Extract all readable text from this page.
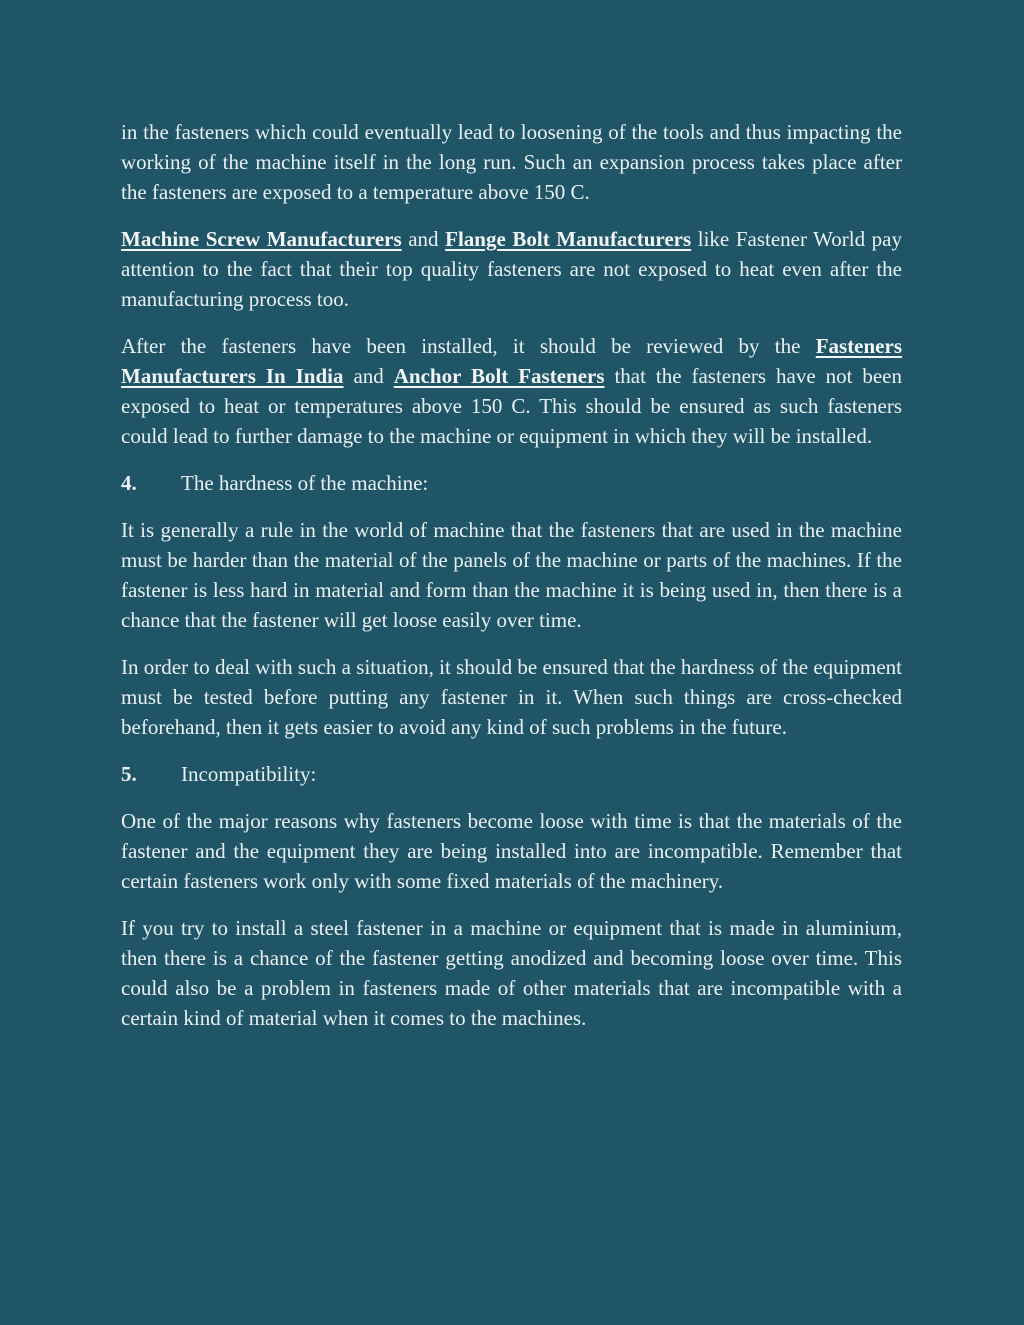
in the fasteners which could eventually lead to loosening of the tools and thus impacting the working of the machine itself in the long run. Such an expansion process takes place after the fasteners are exposed to a temperature above 150 C.

Machine Screw Manufacturers and Flange Bolt Manufacturers like Fastener World pay attention to the fact that their top quality fasteners are not exposed to heat even after the manufacturing process too.

After the fasteners have been installed, it should be reviewed by the Fasteners Manufacturers In India and Anchor Bolt Fasteners that the fasteners have not been exposed to heat or temperatures above 150 C. This should be ensured as such fasteners could lead to further damage to the machine or equipment in which they will be installed.

4.	The hardness of the machine:

It is generally a rule in the world of machine that the fasteners that are used in the machine must be harder than the material of the panels of the machine or parts of the machines. If the fastener is less hard in material and form than the machine it is being used in, then there is a chance that the fastener will get loose easily over time.

In order to deal with such a situation, it should be ensured that the hardness of the equipment must be tested before putting any fastener in it. When such things are cross-checked beforehand, then it gets easier to avoid any kind of such problems in the future.

5.	Incompatibility:

One of the major reasons why fasteners become loose with time is that the materials of the fastener and the equipment they are being installed into are incompatible. Remember that certain fasteners work only with some fixed materials of the machinery.

If you try to install a steel fastener in a machine or equipment that is made in aluminium, then there is a chance of the fastener getting anodized and becoming loose over time. This could also be a problem in fasteners made of other materials that are incompatible with a certain kind of material when it comes to the machines.
